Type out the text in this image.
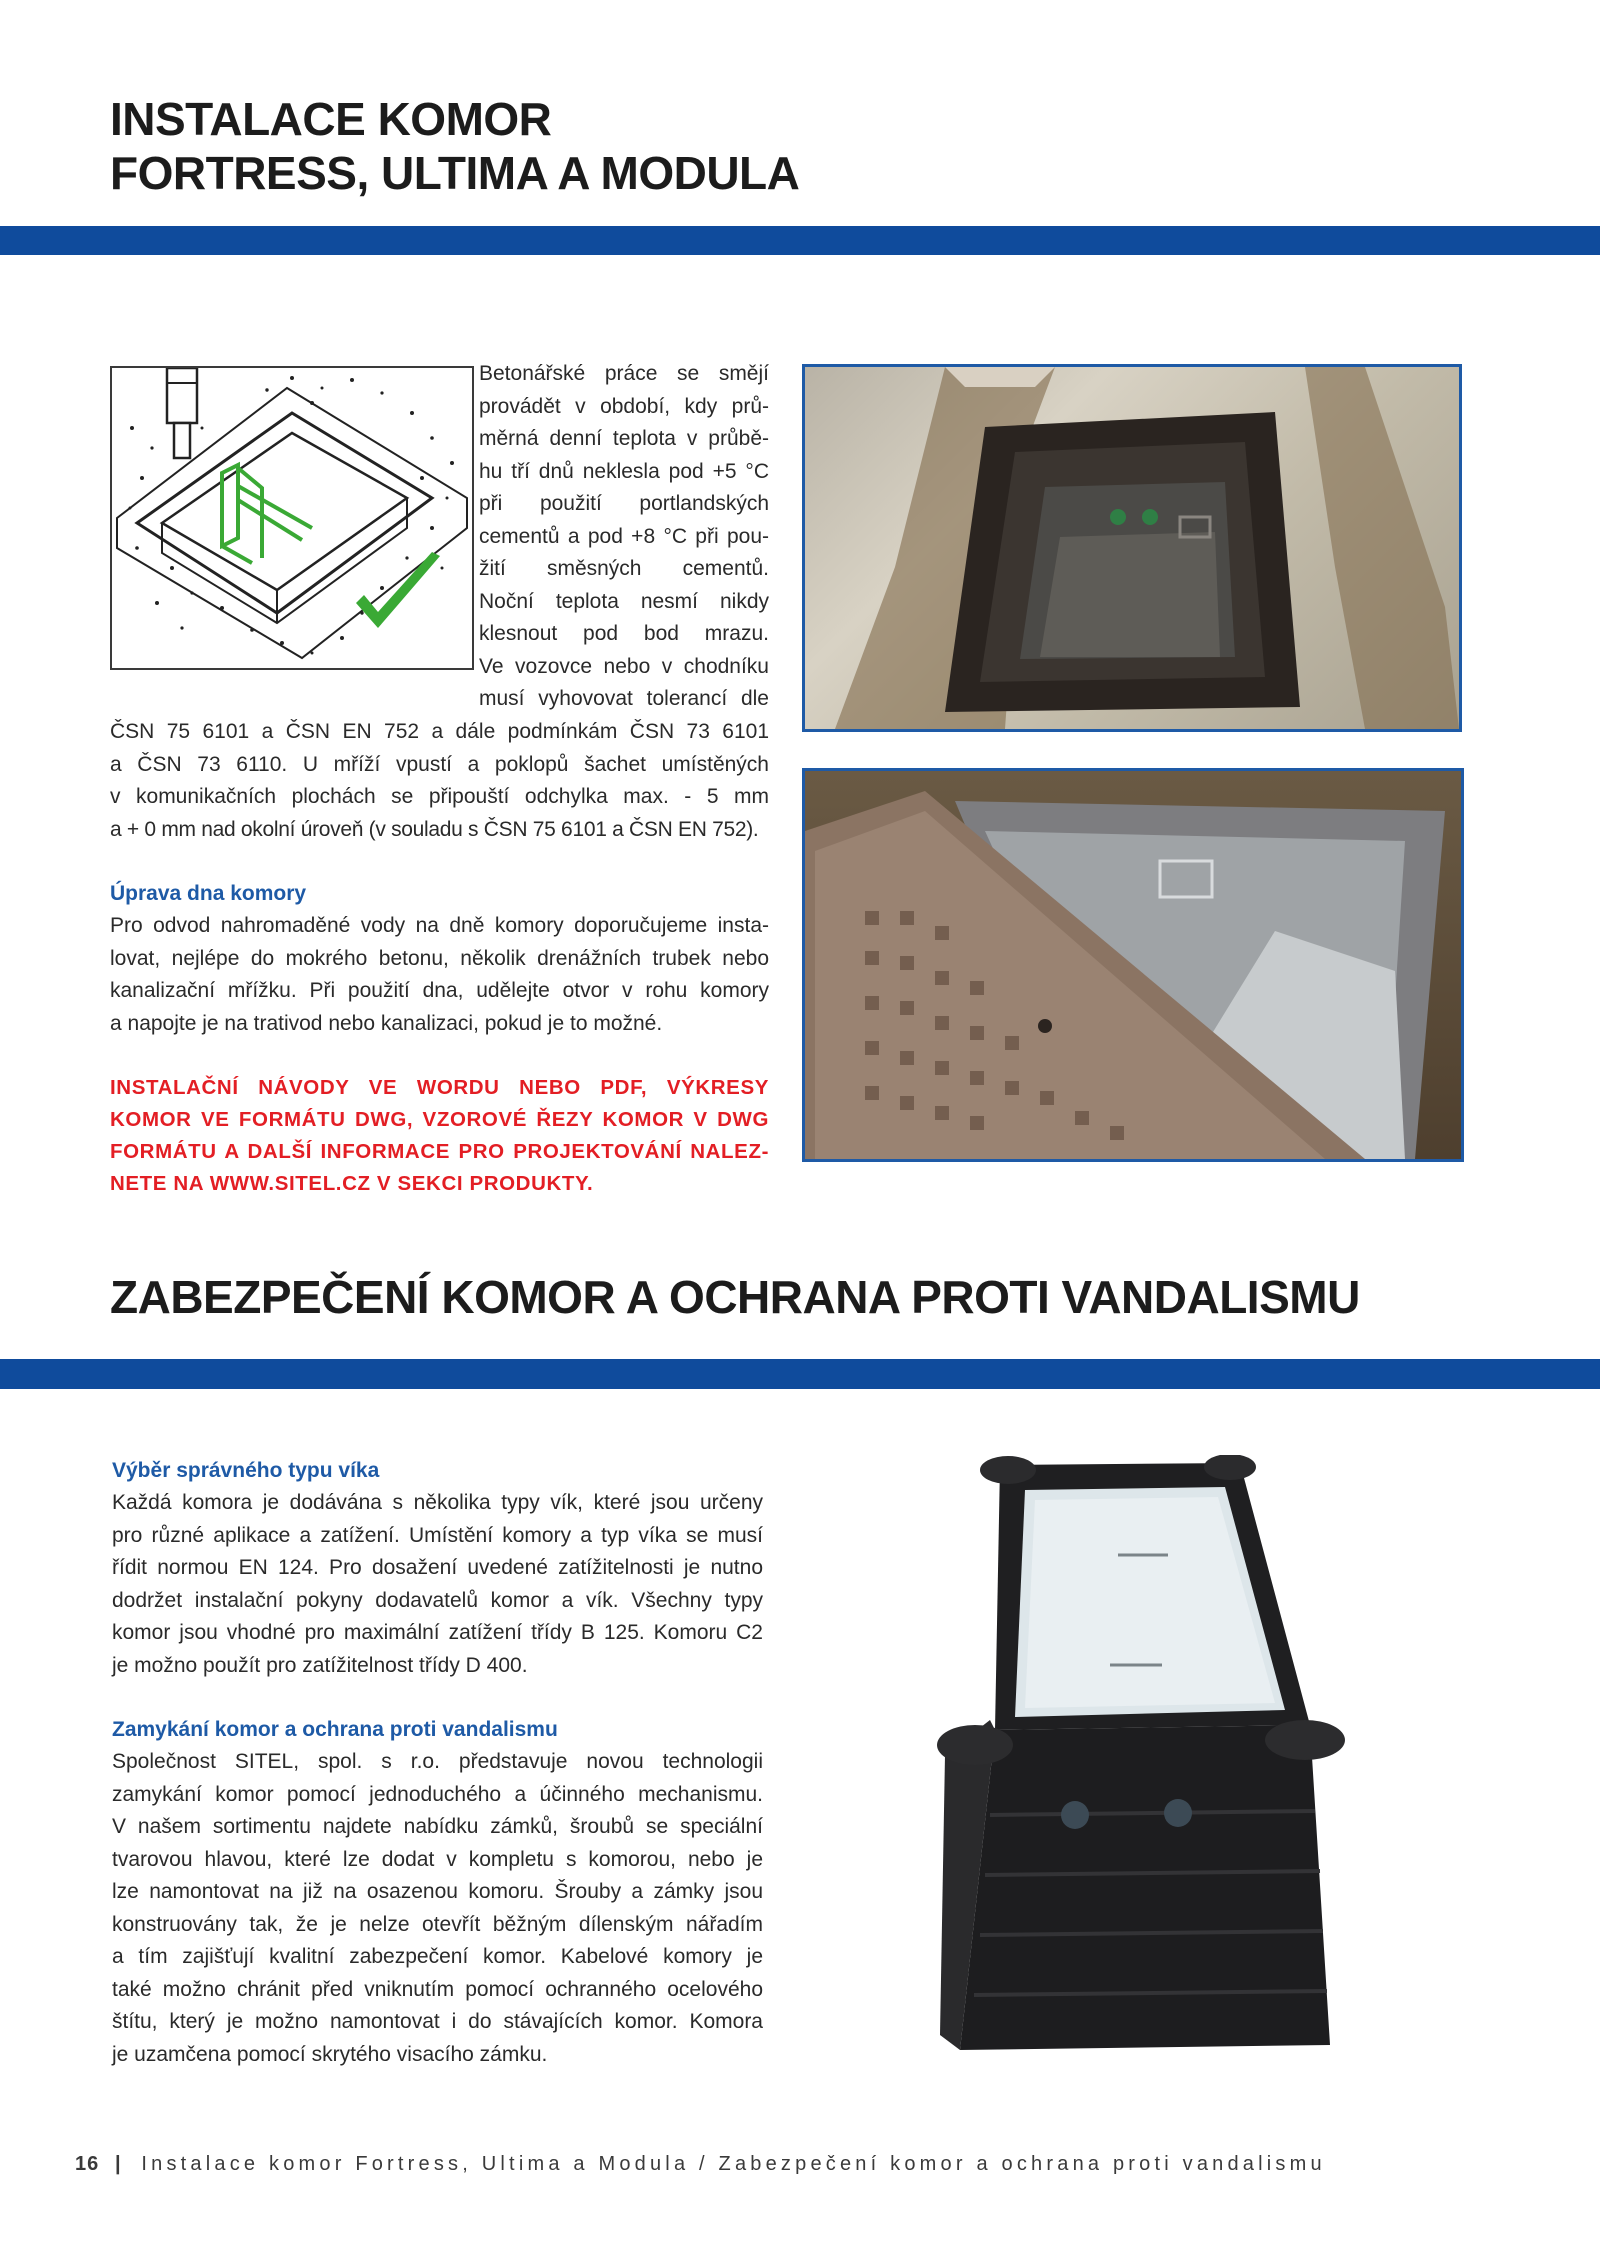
INSTALACE KOMOR
FORTRESS, ULTIMA A MODULA
Betonářské práce se smějí
provádět v období, kdy prů-
měrná denní teplota v průbě-
hu tří dnů neklesla pod +5 °C
při použití portlandských
cementů a pod +8 °C při pou-
žití směsných cementů.
Noční teplota nesmí nikdy
klesnout pod bod mrazu.
Ve vozovce nebo v chodníku
musí vyhovovat tolerancí dle
ČSN 75 6101 a ČSN EN 752 a dále podmínkám ČSN 73 6101
a ČSN 73 6110. U mříží vpustí a poklopů šachet umístěných
v komunikačních plochách se připouští odchylka max. - 5 mm
a + 0 mm nad okolní úroveň (v souladu s ČSN 75 6101 a ČSN EN 752).
Úprava dna komory
Pro odvod nahromaděné vody na dně komory doporučujeme insta-
lovat, nejlépe do mokrého betonu, několik drenážních trubek nebo
kanalizační mřížku. Při použití dna, udělejte otvor v rohu komory
a napojte je na trativod nebo kanalizaci, pokud je to možné.
INSTALAČNÍ NÁVODY VE WORDU NEBO PDF, VÝKRESY
KOMOR VE FORMÁTU DWG, VZOROVÉ ŘEZY KOMOR V DWG
FORMÁTU A DALŠÍ INFORMACE PRO PROJEKTOVÁNÍ NALEZ-
NETE NA WWW.SITEL.CZ V SEKCI PRODUKTY.
ZABEZPEČENÍ KOMOR A OCHRANA PROTI VANDALISMU
Výběr správného typu víka
Každá komora je dodávána s několika typy vík, které jsou určeny
pro různé aplikace a zatížení. Umístění komory a typ víka se musí
řídit normou EN 124. Pro dosažení uvedené zatížitelnosti je nutno
dodržet instalační pokyny dodavatelů komor a vík. Všechny typy
komor jsou vhodné pro maximální zatížení třídy B 125. Komoru C2
je možno použít pro zatížitelnost třídy D 400.
Zamykání komor a ochrana proti vandalismu
Společnost SITEL, spol. s r.o. představuje novou technologii
zamykání komor pomocí jednoduchého a účinného mechanismu.
V našem sortimentu najdete nabídku zámků, šroubů se speciální
tvarovou hlavou, které lze dodat v kompletu s komorou, nebo je
lze namontovat na již na osazenou komoru. Šrouby a zámky jsou
konstruovány tak, že je nelze otevřít běžným dílenským nářadím
a tím zajišťují kvalitní zabezpečení komor. Kabelové komory je
také možno chránit před vniknutím pomocí ochranného ocelového
štítu, který je možno namontovat i do stávajících komor. Komora
je uzamčena pomocí skrytého visacího zámku.
16 | Instalace komor Fortress, Ultima a Modula / Zabezpečení komor a ochrana proti vandalismu
